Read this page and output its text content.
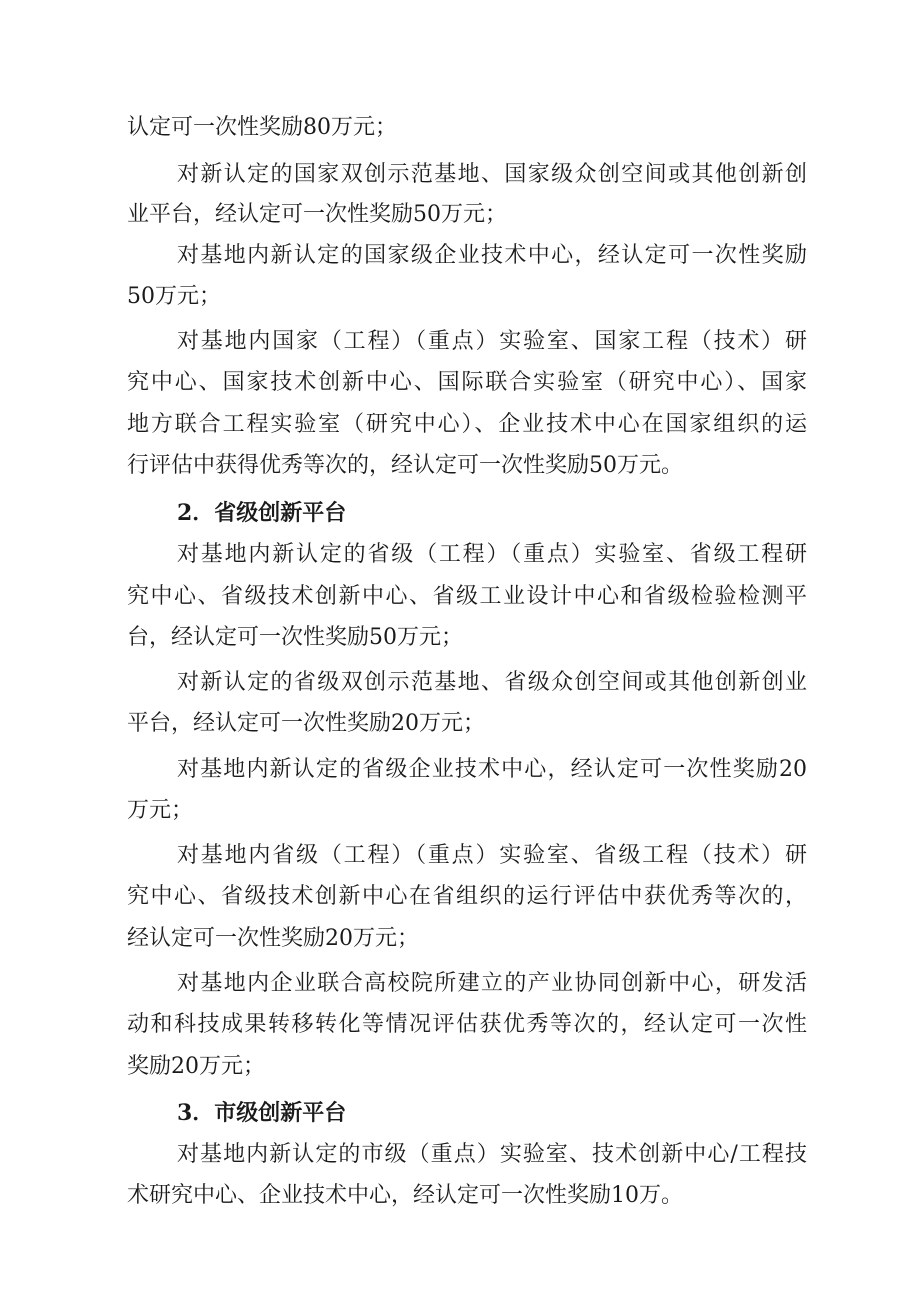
认定可一次性奖励80万元；
对新认定的国家双创示范基地、国家级众创空间或其他创新创
业平台，经认定可一次性奖励50万元；
对基地内新认定的国家级企业技术中心，经认定可一次性奖励
50万元；
对基地内国家（工程）（重点）实验室、国家工程（技术）研
究中心、国家技术创新中心、国际联合实验室（研究中心）、国家
地方联合工程实验室（研究中心）、企业技术中心在国家组织的运
行评估中获得优秀等次的，经认定可一次性奖励50万元。
2．省级创新平台
对基地内新认定的省级（工程）（重点）实验室、省级工程研
究中心、省级技术创新中心、省级工业设计中心和省级检验检测平
台，经认定可一次性奖励50万元；
对新认定的省级双创示范基地、省级众创空间或其他创新创业
平台，经认定可一次性奖励20万元；
对基地内新认定的省级企业技术中心，经认定可一次性奖励20
万元；
对基地内省级（工程）（重点）实验室、省级工程（技术）研
究中心、省级技术创新中心在省组织的运行评估中获优秀等次的，
经认定可一次性奖励20万元；
对基地内企业联合高校院所建立的产业协同创新中心，研发活
动和科技成果转移转化等情况评估获优秀等次的，经认定可一次性
奖励20万元；
3．市级创新平台
对基地内新认定的市级（重点）实验室、技术创新中心/工程技
术研究中心、企业技术中心，经认定可一次性奖励10万。
